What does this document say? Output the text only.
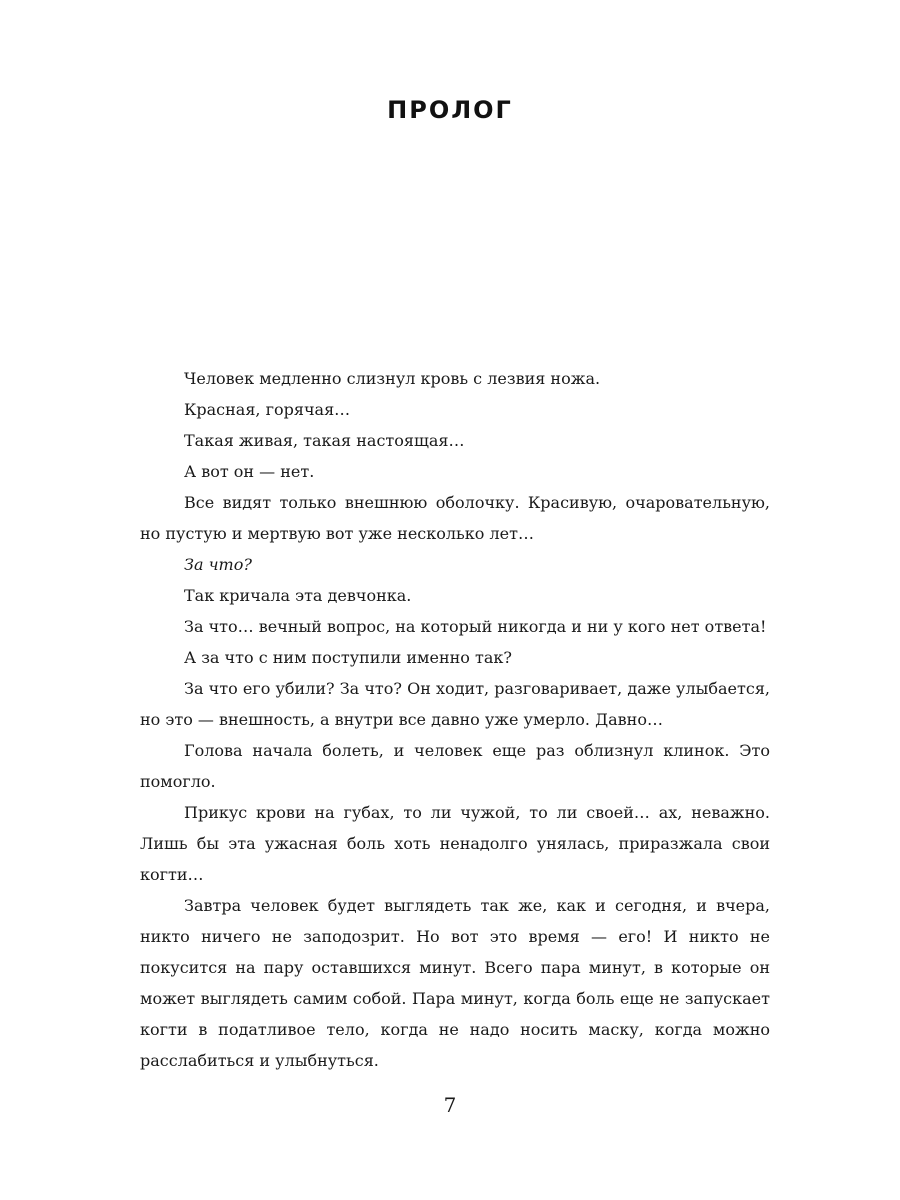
ПРОЛОГ

Человек медленно слизнул кровь с лезвия ножа.

Красная, горячая…

Такая живая, такая настоящая…

А вот он — нет.

Все видят только внешнюю оболочку. Красивую, очаровательную, но пустую и мертвую вот уже несколько лет…

За что?

Так кричала эта девчонка.

За что… вечный вопрос, на который никогда и ни у кого нет ответа!

А за что с ним поступили именно так?

За что его убили? За что? Он ходит, разговаривает, даже улыбается, но это — внешность, а внутри все давно уже умерло. Давно…

Голова начала болеть, и человек еще раз облизнул клинок. Это помогло.

Прикус крови на губах, то ли чужой, то ли своей… ах, неважно. Лишь бы эта ужасная боль хоть ненадолго унялась, приразжала свои когти…

Завтра человек будет выглядеть так же, как и сегодня, и вчера, никто ничего не заподозрит. Но вот это время — его! И никто не покусится на пару оставшихся минут. Всего пара минут, в которые он может выглядеть самим собой. Пара минут, когда боль еще не запускает когти в податливое тело, когда не надо носить маску, когда можно расслабиться и улыбнуться.

7
